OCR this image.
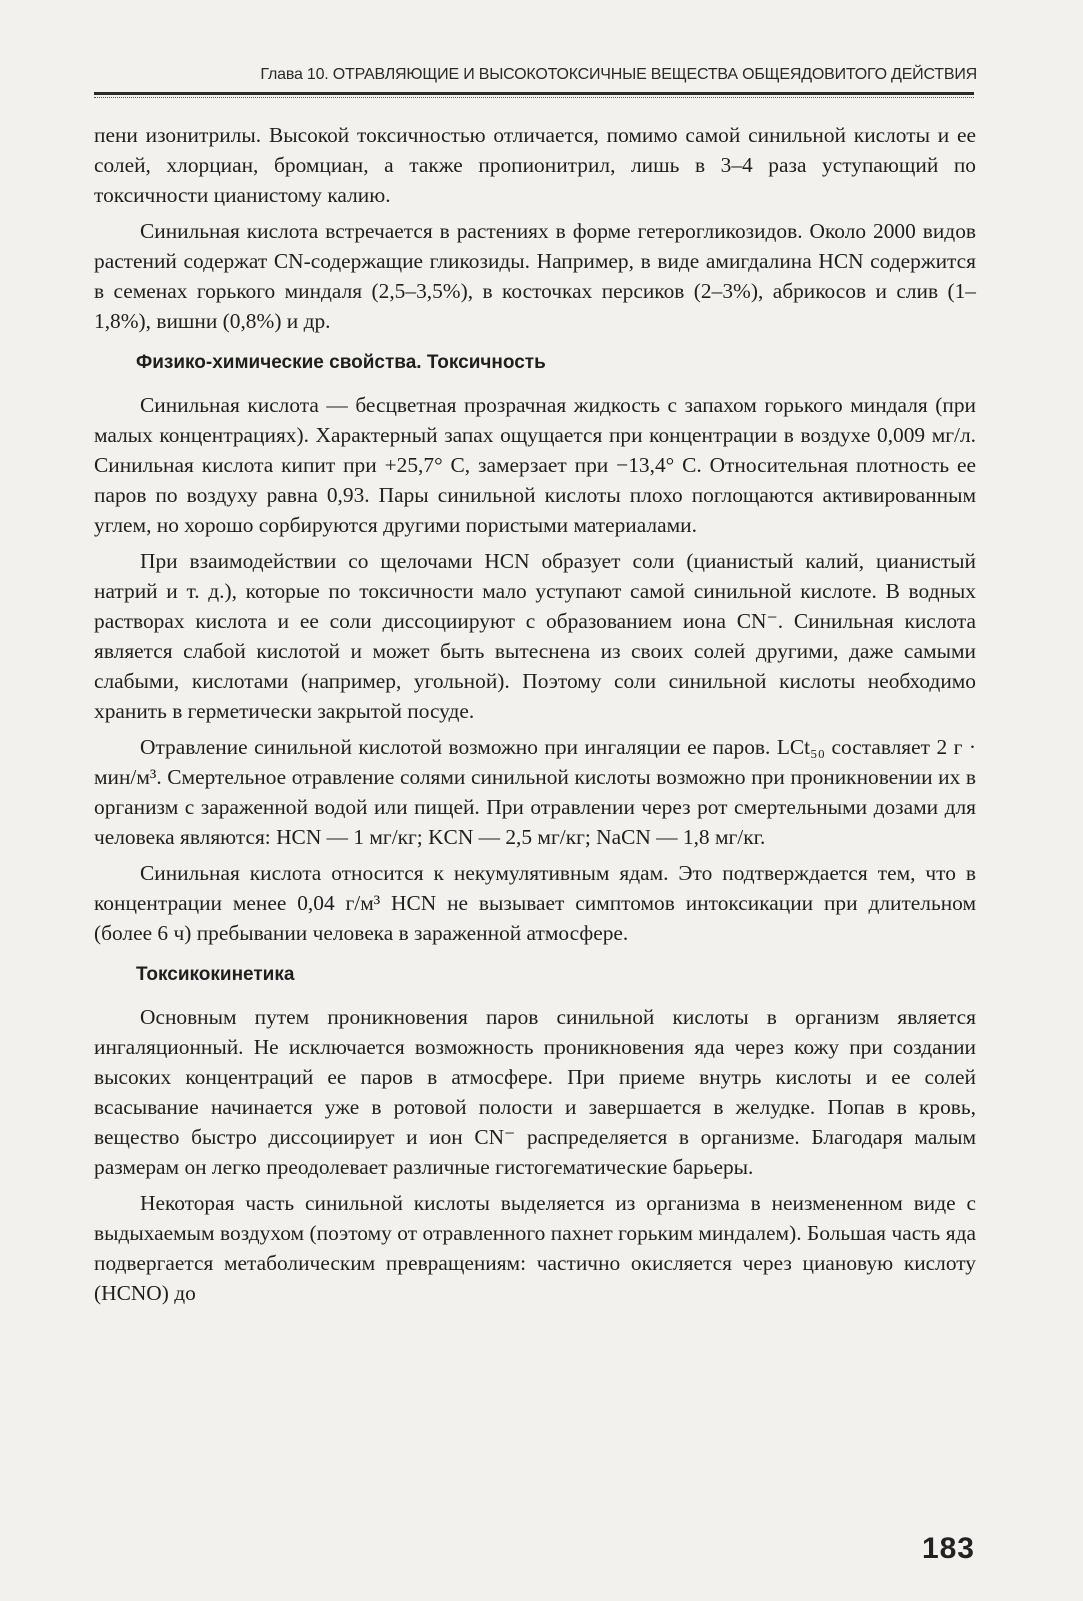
Глава 10. ОТРАВЛЯЮЩИЕ И ВЫСОКОТОКСИЧНЫЕ ВЕЩЕСТВА ОБЩЕЯДОВИТОГО ДЕЙСТВИЯ

пени изонитрилы. Высокой токсичностью отличается, помимо самой синильной кислоты и ее солей, хлорциан, бромциан, а также пропионитрил, лишь в 3–4 раза уступающий по токсичности цианистому калию.

Синильная кислота встречается в растениях в форме гетерогликозидов. Около 2000 видов растений содержат CN-содержащие гликозиды. Например, в виде амигдалина HCN содержится в семенах горького миндаля (2,5–3,5%), в косточках персиков (2–3%), абрикосов и слив (1–1,8%), вишни (0,8%) и др.

Физико-химические свойства. Токсичность

Синильная кислота — бесцветная прозрачная жидкость с запахом горького миндаля (при малых концентрациях). Характерный запах ощущается при концентрации в воздухе 0,009 мг/л. Синильная кислота кипит при +25,7° С, замерзает при −13,4° С. Относительная плотность ее паров по воздуху равна 0,93. Пары синильной кислоты плохо поглощаются активированным углем, но хорошо сорбируются другими пористыми материалами.

При взаимодействии со щелочами HCN образует соли (цианистый калий, цианистый натрий и т. д.), которые по токсичности мало уступают самой синильной кислоте. В водных растворах кислота и ее соли диссоциируют с образованием иона CN⁻. Синильная кислота является слабой кислотой и может быть вытеснена из своих солей другими, даже самыми слабыми, кислотами (например, угольной). Поэтому соли синильной кислоты необходимо хранить в герметически закрытой посуде.

Отравление синильной кислотой возможно при ингаляции ее паров. LCt₅₀ составляет 2 г · мин/м³. Смертельное отравление солями синильной кислоты возможно при проникновении их в организм с зараженной водой или пищей. При отравлении через рот смертельными дозами для человека являются: HCN — 1 мг/кг; KCN — 2,5 мг/кг; NaCN — 1,8 мг/кг.

Синильная кислота относится к некумулятивным ядам. Это подтверждается тем, что в концентрации менее 0,04 г/м³ HCN не вызывает симптомов интоксикации при длительном (более 6 ч) пребывании человека в зараженной атмосфере.

Токсикокинетика

Основным путем проникновения паров синильной кислоты в организм является ингаляционный. Не исключается возможность проникновения яда через кожу при создании высоких концентраций ее паров в атмосфере. При приеме внутрь кислоты и ее солей всасывание начинается уже в ротовой полости и завершается в желудке. Попав в кровь, вещество быстро диссоциирует и ион CN⁻ распределяется в организме. Благодаря малым размерам он легко преодолевает различные гистогематические барьеры.

Некоторая часть синильной кислоты выделяется из организма в неизмененном виде с выдыхаемым воздухом (поэтому от отравленного пахнет горьким миндалем). Большая часть яда подвергается метаболическим превращениям: частично окисляется через циановую кислоту (HCNO) до

183
